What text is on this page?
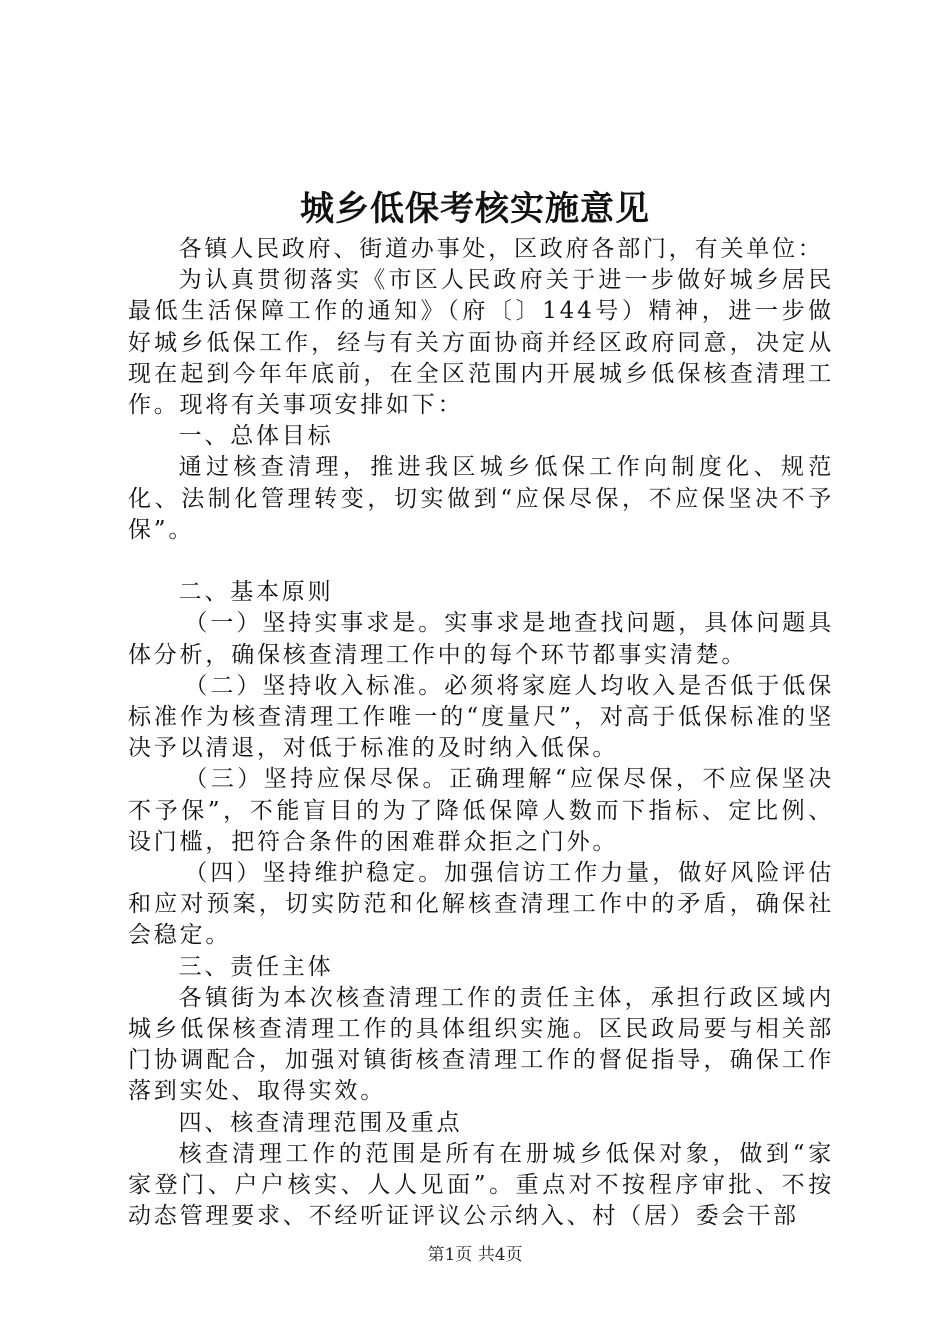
城乡低保考核实施意见

各镇人民政府、街道办事处，区政府各部门，有关单位：

为认真贯彻落实《市区人民政府关于进一步做好城乡居民最低生活保障工作的通知》（府〔〕144号）精神，进一步做好城乡低保工作，经与有关方面协商并经区政府同意，决定从现在起到今年年底前，在全区范围内开展城乡低保核查清理工作。现将有关事项安排如下：

一、总体目标

通过核查清理，推进我区城乡低保工作向制度化、规范化、法制化管理转变，切实做到“应保尽保，不应保坚决不予保”。

二、基本原则

（一）坚持实事求是。实事求是地查找问题，具体问题具体分析，确保核查清理工作中的每个环节都事实清楚。

（二）坚持收入标准。必须将家庭人均收入是否低于低保标准作为核查清理工作唯一的“度量尺”，对高于低保标准的坚决予以清退，对低于标准的及时纳入低保。

（三）坚持应保尽保。正确理解“应保尽保，不应保坚决不予保”，不能盲目的为了降低保障人数而下指标、定比例、设门槛，把符合条件的困难群众拒之门外。

（四）坚持维护稳定。加强信访工作力量，做好风险评估和应对预案，切实防范和化解核查清理工作中的矛盾，确保社会稳定。

三、责任主体

各镇街为本次核查清理工作的责任主体，承担行政区域内城乡低保核查清理工作的具体组织实施。区民政局要与相关部门协调配合，加强对镇街核查清理工作的督促指导，确保工作落到实处、取得实效。

四、核查清理范围及重点

核查清理工作的范围是所有在册城乡低保对象，做到“家家登门、户户核实、人人见面”。重点对不按程序审批、不按动态管理要求、不经听证评议公示纳入、村（居）委会干部

第1页 共4页
